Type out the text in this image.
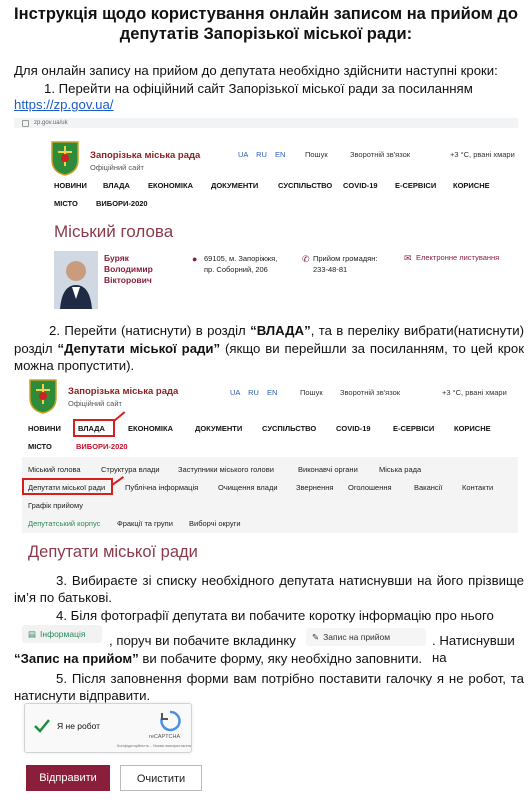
Інструкція щодо користування онлайн записом на прийом до депутатів Запорізької міської ради:
Для онлайн запису на прийом до депутата необхідно здійснити наступні кроки:
1. Перейти на офіційний сайт Запорізької міської ради за посиланням
https://zp.gov.ua/
zp.gov.ua/uk
Запорізька міська рада
Офіційний сайт
UA RU EN	Пошук	Зворотній зв'язок	+3 °C, рвані хмари
НОВИНИ ВЛАДА ЕКОНОМІКА ДОКУМЕНТИ	СУСПІЛЬСТВО COVID-19 Е-СЕРВІСИ КОРИСНЕ
МІСТО ВИБОРИ-2020
Міський голова
Буряк
Володимир
Вікторович
● 69105, м. Запоріжжя,
пр. Соборний, 206
✆ Прийом громадян:
233-48-81
✉ Електронне листування
2. Перейти (натиснути) в розділ “ВЛАДА”, та в переліку вибрати(натиснути) розділ “Депутати міської ради” (якщо ви перейшли за посиланням, то цей крок можна пропустити).
Запорізька міська рада
Офіційний сайт
UA RU EN	Пошук Зворотній зв'язок	+3 °C, рвані хмари
НОВИНИ ВЛАДА	ЕКОНОМІКА	ДОКУМЕНТИ	СУСПІЛЬСТВО	COVID-19	Е-СЕРВІСИ	КОРИСНЕ
МІСТО	ВИБОРИ-2020
Міський голова	Структура влади Заступники міського голови	Виконавчі органи	Міська рада
Депутати міської ради	Публічна інформація	Очищення влади Звернення Оголошення	Вакансії	Контакти
Графік прийому
Депутатський корпус Фракції та групи Виборчі округи
Депутати міської ради
3. Вибираєте зі списку необхідного депутата натиснувши на його прізвище ім’я по батькові.
4. Біля фотографії депутата ви побачите коротку інформацію про нього
▤ Інформація	, поруч ви побачите вкладинку	✎ Запис на прийом	. Натиснувши на
“Запис на прийом” ви побачите форму, яку необхідно заповнити.
5. Після заповнення форми вам потрібно поставити галочку я не робот, та натиснути відправити.
Я не робот
reCAPTCHA
Конфіденційність - Умови використання
Відправити	Очистити
